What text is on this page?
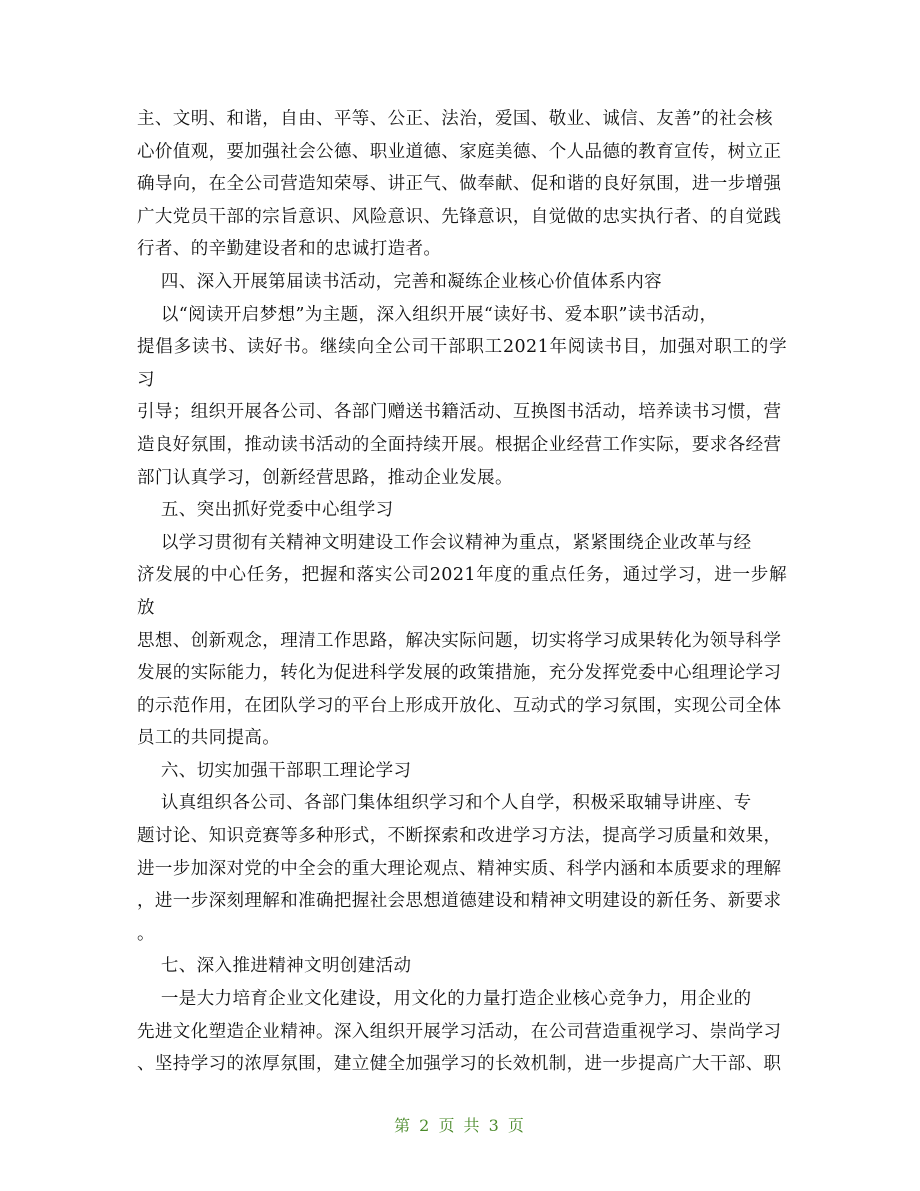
主、文明、和谐，自由、平等、公正、法治，爱国、敬业、诚信、友善”的社会核

心价值观，要加强社会公德、职业道德、家庭美德、个人品德的教育宣传，树立正

确导向，在全公司营造知荣辱、讲正气、做奉献、促和谐的良好氛围，进一步增强

广大党员干部的宗旨意识、风险意识、先锋意识，自觉做的忠实执行者、的自觉践

行者、的辛勤建设者和的忠诚打造者。

四、深入开展第届读书活动，完善和凝练企业核心价值体系内容

以“阅读开启梦想”为主题，深入组织开展“读好书、爱本职”读书活动，

提倡多读书、读好书。继续向全公司干部职工2021年阅读书目，加强对职工的学习

引导；组织开展各公司、各部门赠送书籍活动、互换图书活动，培养读书习惯，营

造良好氛围，推动读书活动的全面持续开展。根据企业经营工作实际，要求各经营

部门认真学习，创新经营思路，推动企业发展。

五、突出抓好党委中心组学习

以学习贯彻有关精神文明建设工作会议精神为重点，紧紧围绕企业改革与经

济发展的中心任务，把握和落实公司2021年度的重点任务，通过学习，进一步解放

思想、创新观念，理清工作思路，解决实际问题，切实将学习成果转化为领导科学

发展的实际能力，转化为促进科学发展的政策措施，充分发挥党委中心组理论学习

的示范作用，在团队学习的平台上形成开放化、互动式的学习氛围，实现公司全体

员工的共同提高。

六、切实加强干部职工理论学习

认真组织各公司、各部门集体组织学习和个人自学，积极采取辅导讲座、专

题讨论、知识竞赛等多种形式，不断探索和改进学习方法，提高学习质量和效果，

进一步加深对党的中全会的重大理论观点、精神实质、科学内涵和本质要求的理解

，进一步深刻理解和准确把握社会思想道德建设和精神文明建设的新任务、新要求

。

七、深入推进精神文明创建活动

一是大力培育企业文化建设，用文化的力量打造企业核心竞争力，用企业的

先进文化塑造企业精神。深入组织开展学习活动，在公司营造重视学习、崇尚学习

、坚持学习的浓厚氛围，建立健全加强学习的长效机制，进一步提高广大干部、职

第 2 页 共 3 页
